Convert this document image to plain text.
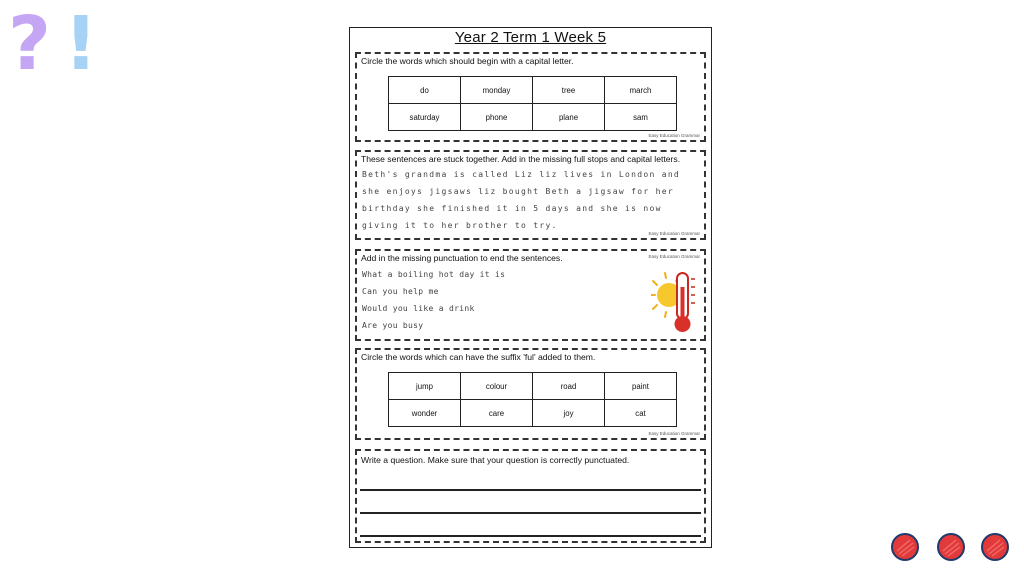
? !	Year 2 Term 1 Week 5
Circle the words which should begin with a capital letter.
do	monday	tree	march
saturday	phone	plane	sam
Easy Education Grammar
These sentences are stuck together. Add in the missing full stops and capital letters.
Beth's grandma is called Liz liz lives in London and
she enjoys jigsaws liz bought Beth a jigsaw for her
birthday she finished it in 5 days and she is now
giving it to her brother to try.
Easy Education Grammar
Add in the missing punctuation to end the sentences.	Easy Education Grammar
What a boiling hot day it is
Can you help me
Would you like a drink
Are you busy
Circle the words which can have the suffix 'ful' added to them.
jump	colour	road	paint
wonder	care	joy	cat
Easy Education Grammar
Write a question. Make sure that your question is correctly punctuated.
